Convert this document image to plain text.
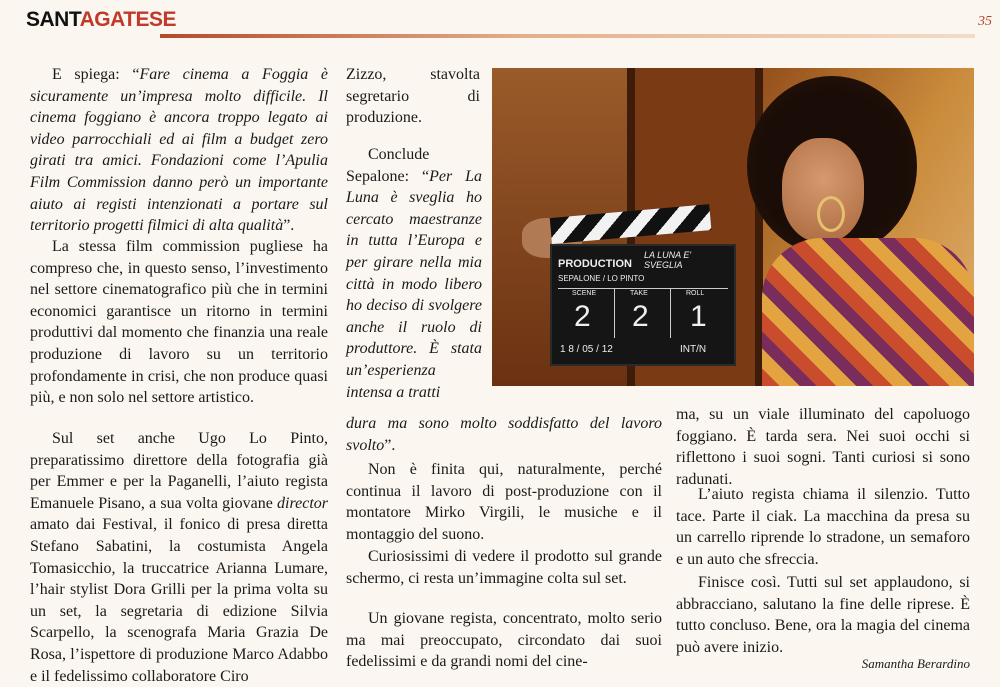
SANTAGATESE	35

E spiega: “Fare cinema a Foggia è sicuramente un’impresa molto difficile. Il cinema foggiano è ancora troppo legato ai video parrocchiali ed ai film a budget zero girati tra amici. Fondazioni come l’Apulia Film Commission danno però un importante aiuto ai registi intenzionati a portare sul territorio progetti filmici di alta qualità”.

La stessa film commission pugliese ha compreso che, in questo senso, l’investimento nel settore cinematografico più che in termini economici garantisce un ritorno in termini produttivi dal momento che finanzia una reale produzione di lavoro su un territorio profondamente in crisi, che non produce quasi più, e non solo nel settore artistico.

Sul set anche Ugo Lo Pinto, preparatissimo direttore della fotografia già per Emmer e per la Paganelli, l’aiuto regista Emanuele Pisano, a sua volta giovane director amato dai Festival, il fonico di presa diretta Stefano Sabatini, la costumista Angela Tomasicchio, la truccatrice Arianna Lumare, l’hair stylist Dora Grilli per la prima volta su un set, la segretaria di edizione Silvia Scarpello, la scenografa Maria Grazia De Rosa, l’ispettore di produzione Marco Adabbo e il fedelissimo collaboratore Ciro

Zizzo, stavolta segretario di produzione.

Conclude Sepalone: “Per La Luna è sveglia ho cercato maestranze in tutta l’Europa e per girare nella mia città in modo libero ho deciso di svolgere anche il ruolo di produttore. È stata un’esperienza intensa a tratti

dura ma sono molto soddisfatto del lavoro svolto”.

Non è finita qui, naturalmente, perché continua il lavoro di post-produzione con il montatore Mirko Virgili, le musiche e il montaggio del suono.

Curiosissimi di vedere il prodotto sul grande schermo, ci resta un’immagine colta sul set.

Un giovane regista, concentrato, molto serio ma mai preoccupato, circondato dai suoi fedelissimi e da grandi nomi del cine-

ma, su un viale illuminato del capoluogo foggiano. È tarda sera. Nei suoi occhi si riflettono i suoi sogni. Tanti curiosi si sono radunati.

L’aiuto regista chiama il silenzio. Tutto tace. Parte il ciak. La macchina da presa su un carrello riprende lo stradone, un semaforo e un auto che sfreccia.

Finisce così. Tutti sul set applaudono, si abbracciano, salutano la fine delle riprese. È tutto concluso. Bene, ora la magia del cinema può avere inizio.

Samantha Berardino
PRODUCTION
LA LUNA E' SVEGLIA
SEPALONE / LO PINTO
SCENE	TAKE	ROLL
2 2 1
1 8 / 05 / 12	INT/N
